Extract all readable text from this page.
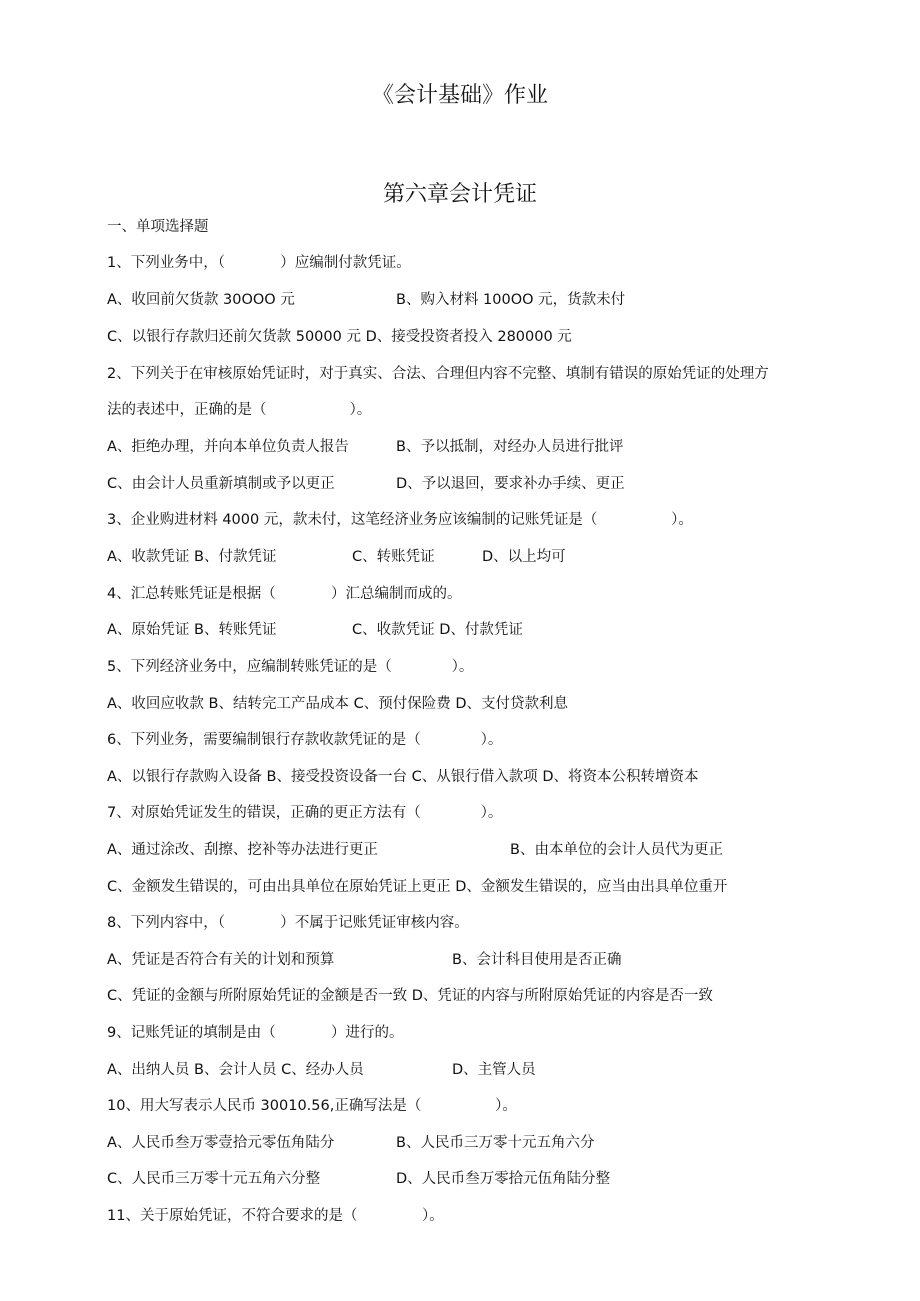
《会计基础》作业
第六章会计凭证
一、单项选择题
1、下列业务中，（            ）应编制付款凭证。
A、收回前欠货款 30OOO 元	B、购入材料 100OO 元，货款未付
C、以银行存款归还前欠货款 50000 元 D、接受投资者投入 280000 元
2、下列关于在审核原始凭证时，对于真实、合法、合理但内容不完整、填制有错误的原始凭证的处理方
法的表述中，正确的是（                  ）。
A、拒绝办理，并向本单位负责人报告	B、予以抵制，对经办人员进行批评
C、由会计人员重新填制或予以更正	D、予以退回，要求补办手续、更正
3、企业购进材料 4000 元，款未付，这笔经济业务应该编制的记账凭证是（                ）。
A、收款凭证 B、付款凭证	C、转账凭证	D、以上均可
4、汇总转账凭证是根据（            ）汇总编制而成的。
A、原始凭证 B、转账凭证	C、收款凭证 D、付款凭证
5、下列经济业务中，应编制转账凭证的是（             ）。
A、收回应收款 B、结转完工产品成本 C、预付保险费 D、支付贷款利息
6、下列业务，需要编制银行存款收款凭证的是（             ）。
A、以银行存款购入设备 B、接受投资设备一台 C、从银行借入款项 D、将资本公积转增资本
7、对原始凭证发生的错误，正确的更正方法有（             ）。
A、通过涂改、刮擦、挖补等办法进行更正	B、由本单位的会计人员代为更正
C、金额发生错误的，可由出具单位在原始凭证上更正 D、金额发生错误的，应当由出具单位重开
8、下列内容中，（            ）不属于记账凭证审核内容。
A、凭证是否符合有关的计划和预算	B、会计科目使用是否正确
C、凭证的金额与所附原始凭证的金额是否一致 D、凭证的内容与所附原始凭证的内容是否一致
9、记账凭证的填制是由（            ）进行的。
A、出纳人员 B、会计人员 C、经办人员	D、主管人员
10、用大写表示人民币 30010.56,正确写法是（                ）。
A、人民币叁万零壹拾元零伍角陆分	B、人民币三万零十元五角六分
C、人民币三万零十元五角六分整	D、人民币叁万零拾元伍角陆分整
11、关于原始凭证，不符合要求的是（              ）。
